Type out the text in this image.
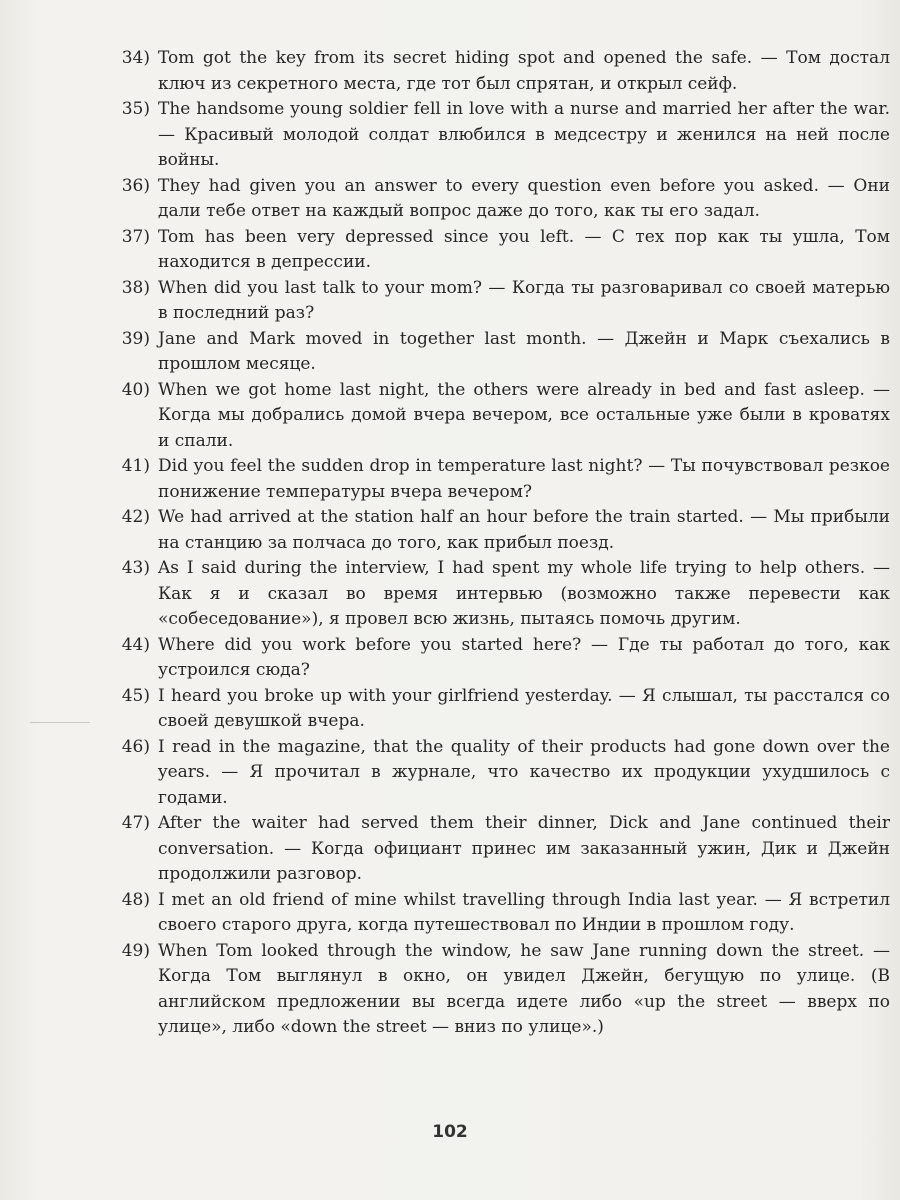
34) Tom got the key from its secret hiding spot and opened the safe. — Том достал ключ из секретного места, где тот был спрятан, и открыл сейф.
35) The handsome young soldier fell in love with a nurse and married her after the war. — Красивый молодой солдат влюбился в медсестру и женился на ней после войны.
36) They had given you an answer to every question even before you asked. — Они дали тебе ответ на каждый вопрос даже до того, как ты его задал.
37) Tom has been very depressed since you left. — С тех пор как ты ушла, Том находится в депрессии.
38) When did you last talk to your mom? — Когда ты разговаривал со своей матерью в последний раз?
39) Jane and Mark moved in together last month. — Джейн и Марк съехались в прошлом месяце.
40) When we got home last night, the others were already in bed and fast asleep. — Когда мы добрались домой вчера вечером, все остальные уже были в кроватях и спали.
41) Did you feel the sudden drop in temperature last night? — Ты почувствовал резкое понижение температуры вчера вечером?
42) We had arrived at the station half an hour before the train started. — Мы прибыли на станцию за полчаса до того, как прибыл поезд.
43) As I said during the interview, I had spent my whole life trying to help others. — Как я и сказал во время интервью (возможно также перевести как «собеседование»), я провел всю жизнь, пытаясь помочь другим.
44) Where did you work before you started here? — Где ты работал до того, как устроился сюда?
45) I heard you broke up with your girlfriend yesterday. — Я слышал, ты расстался со своей девушкой вчера.
46) I read in the magazine, that the quality of their products had gone down over the years. — Я прочитал в журнале, что качество их продукции ухудшилось с годами.
47) After the waiter had served them their dinner, Dick and Jane continued their conversation. — Когда официант принес им заказанный ужин, Дик и Джейн продолжили разговор.
48) I met an old friend of mine whilst travelling through India last year. — Я встретил своего старого друга, когда путешествовал по Индии в прошлом году.
49) When Tom looked through the window, he saw Jane running down the street. — Когда Том выглянул в окно, он увидел Джейн, бегущую по улице. (В английском предложении вы всегда идете либо «up the street — вверх по улице», либо «down the street — вниз по улице».)
102
